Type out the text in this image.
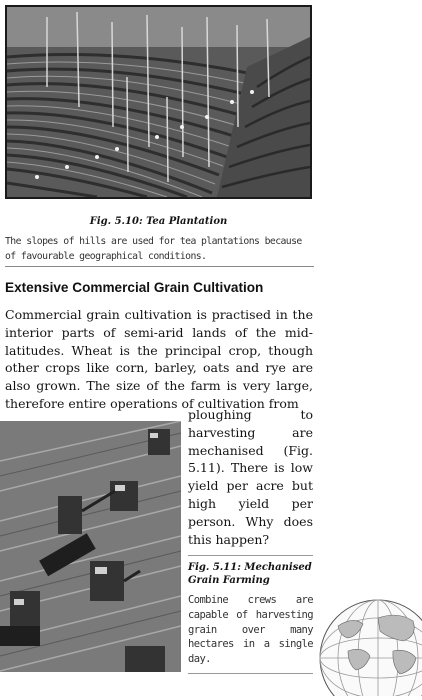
Fig. 5.10: Tea Plantation
The slopes of hills are used for tea plantations because of favourable geographical conditions.
Extensive Commercial Grain Cultivation
Commercial grain cultivation is practised in the interior parts of semi-arid lands of the mid-latitudes. Wheat is the principal crop, though other crops like corn, barley, oats and rye are also grown. The size of the farm is very large, therefore entire operations of cultivation from
ploughing to harvesting are mechanised (Fig. 5.11). There is low yield per acre but high yield per person. Why does this happen?
Fig. 5.11: Mechanised Grain Farming
Combine crews are capable of harvesting grain over many hectares in a single day.
